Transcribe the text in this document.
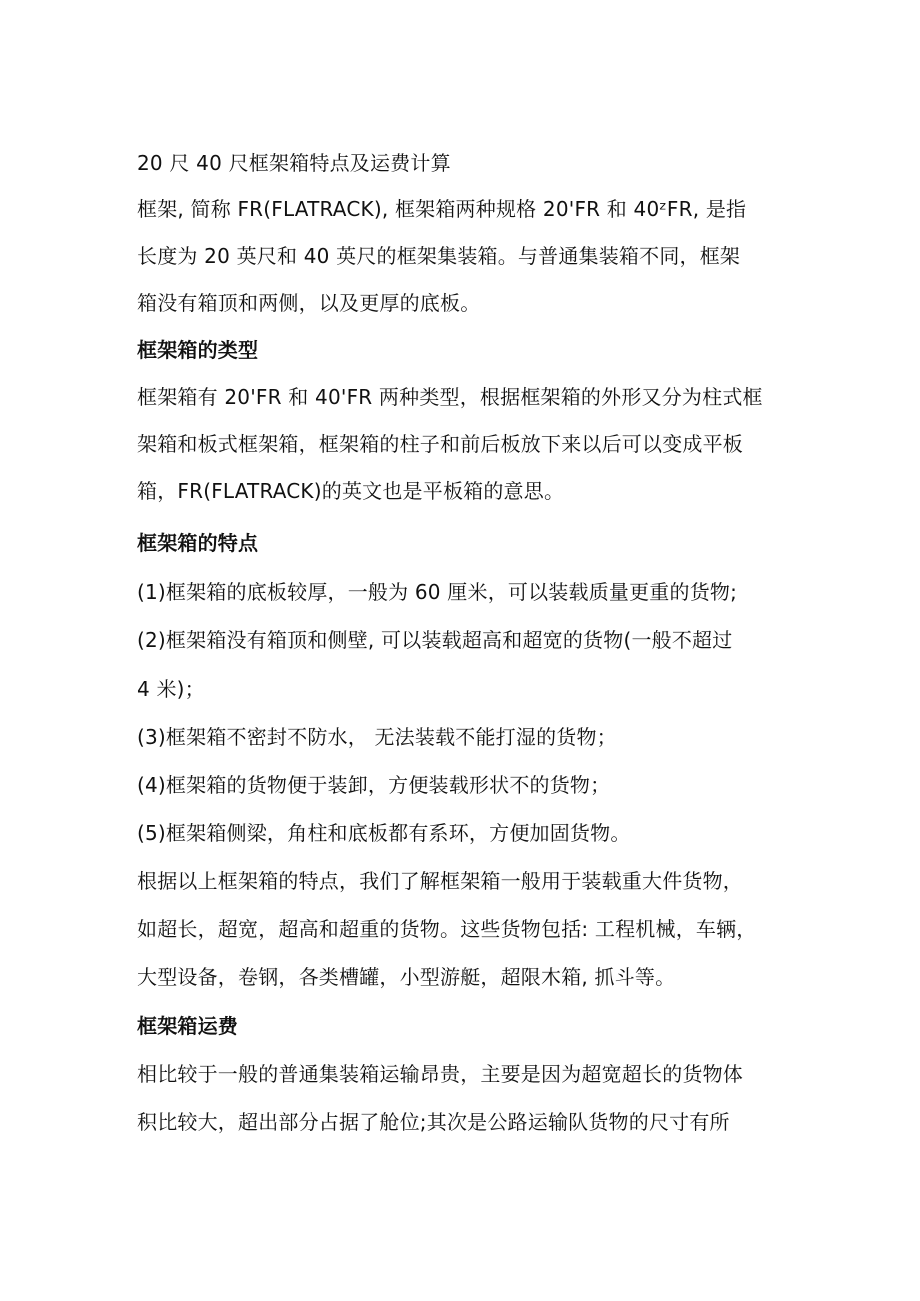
20 尺 40 尺框架箱特点及运费计算
框架, 简称 FR(FLATRACK), 框架箱两种规格 20'FR 和 40ᶻFR, 是指
长度为 20 英尺和 40 英尺的框架集装箱。与普通集装箱不同，框架
箱没有箱顶和两侧，以及更厚的底板。
框架箱的类型
框架箱有 20'FR 和 40'FR 两种类型，根据框架箱的外形又分为柱式框
架箱和板式框架箱，框架箱的柱子和前后板放下来以后可以变成平板
箱，FR(FLATRACK)的英文也是平板箱的意思。
框架箱的特点
(1)框架箱的底板较厚，一般为 60 厘米，可以装载质量更重的货物;
(2)框架箱没有箱顶和侧壁, 可以装载超高和超宽的货物(一般不超过
4 米)；
(3)框架箱不密封不防水， 无法装载不能打湿的货物；
(4)框架箱的货物便于装卸，方便装载形状不的货物；
(5)框架箱侧梁，角柱和底板都有系环，方便加固货物。
根据以上框架箱的特点，我们了解框架箱一般用于装载重大件货物，
如超长，超宽，超高和超重的货物。这些货物包括: 工程机械，车辆，
大型设备，卷钢，各类槽罐，小型游艇，超限木箱, 抓斗等。
框架箱运费
相比较于一般的普通集装箱运输昂贵，主要是因为超宽超长的货物体
积比较大，超出部分占据了舱位;其次是公路运输队货物的尺寸有所
